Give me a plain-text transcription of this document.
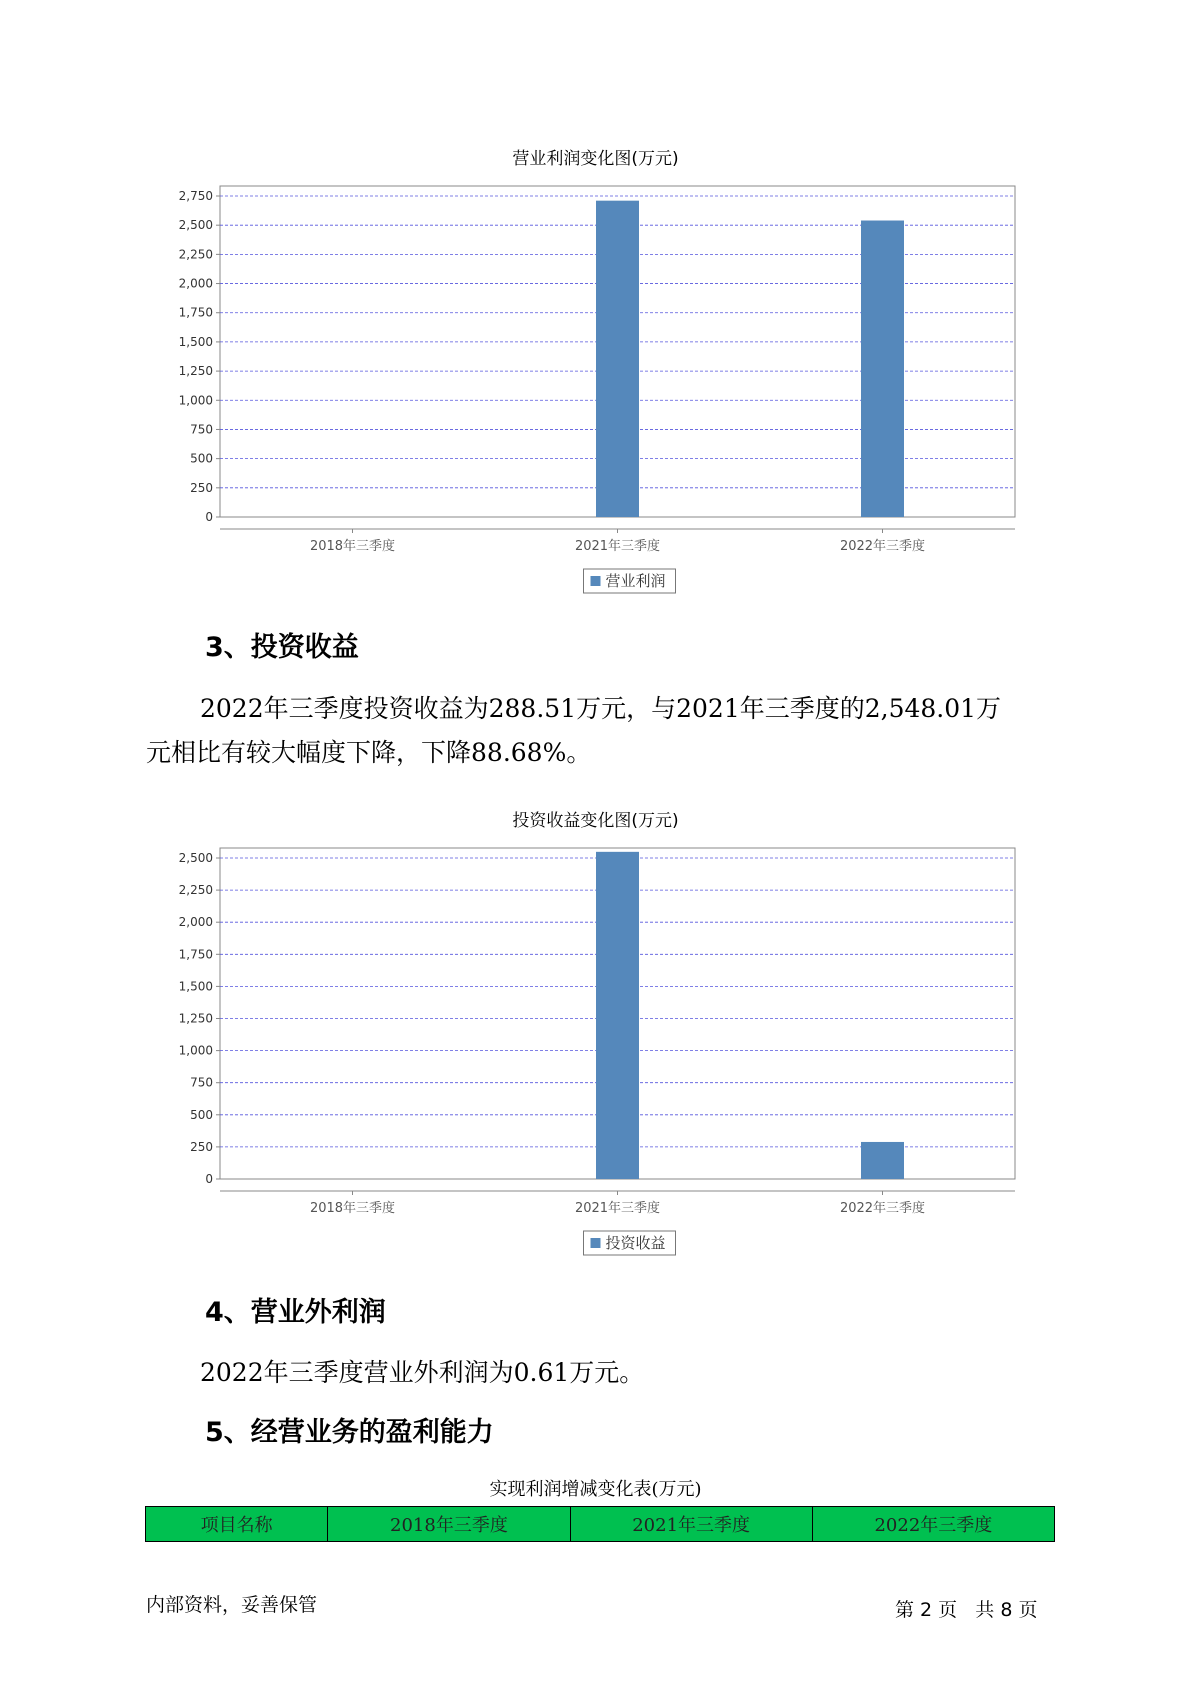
营业利润变化图(万元)
0
250
500
750
1,000
1,250
1,500
1,750
2,000
2,250
2,500
2,750
2018年三季度	2021年三季度	2022年三季度
营业利润
3、投资收益
2022年三季度投资收益为288.51万元，与2021年三季度的2,548.01万
元相比有较大幅度下降，下降88.68%。
投资收益变化图(万元)
0
250
500
750
1,000
1,250
1,500
1,750
2,000
2,250
2,500
2018年三季度	2021年三季度	2022年三季度
投资收益
4、营业外利润
2022年三季度营业外利润为0.61万元。
5、经营业务的盈利能力
实现利润增减变化表(万元)
项目名称	2018年三季度	2021年三季度	2022年三季度
内部资料，妥善保管	第 2 页   共 8 页
